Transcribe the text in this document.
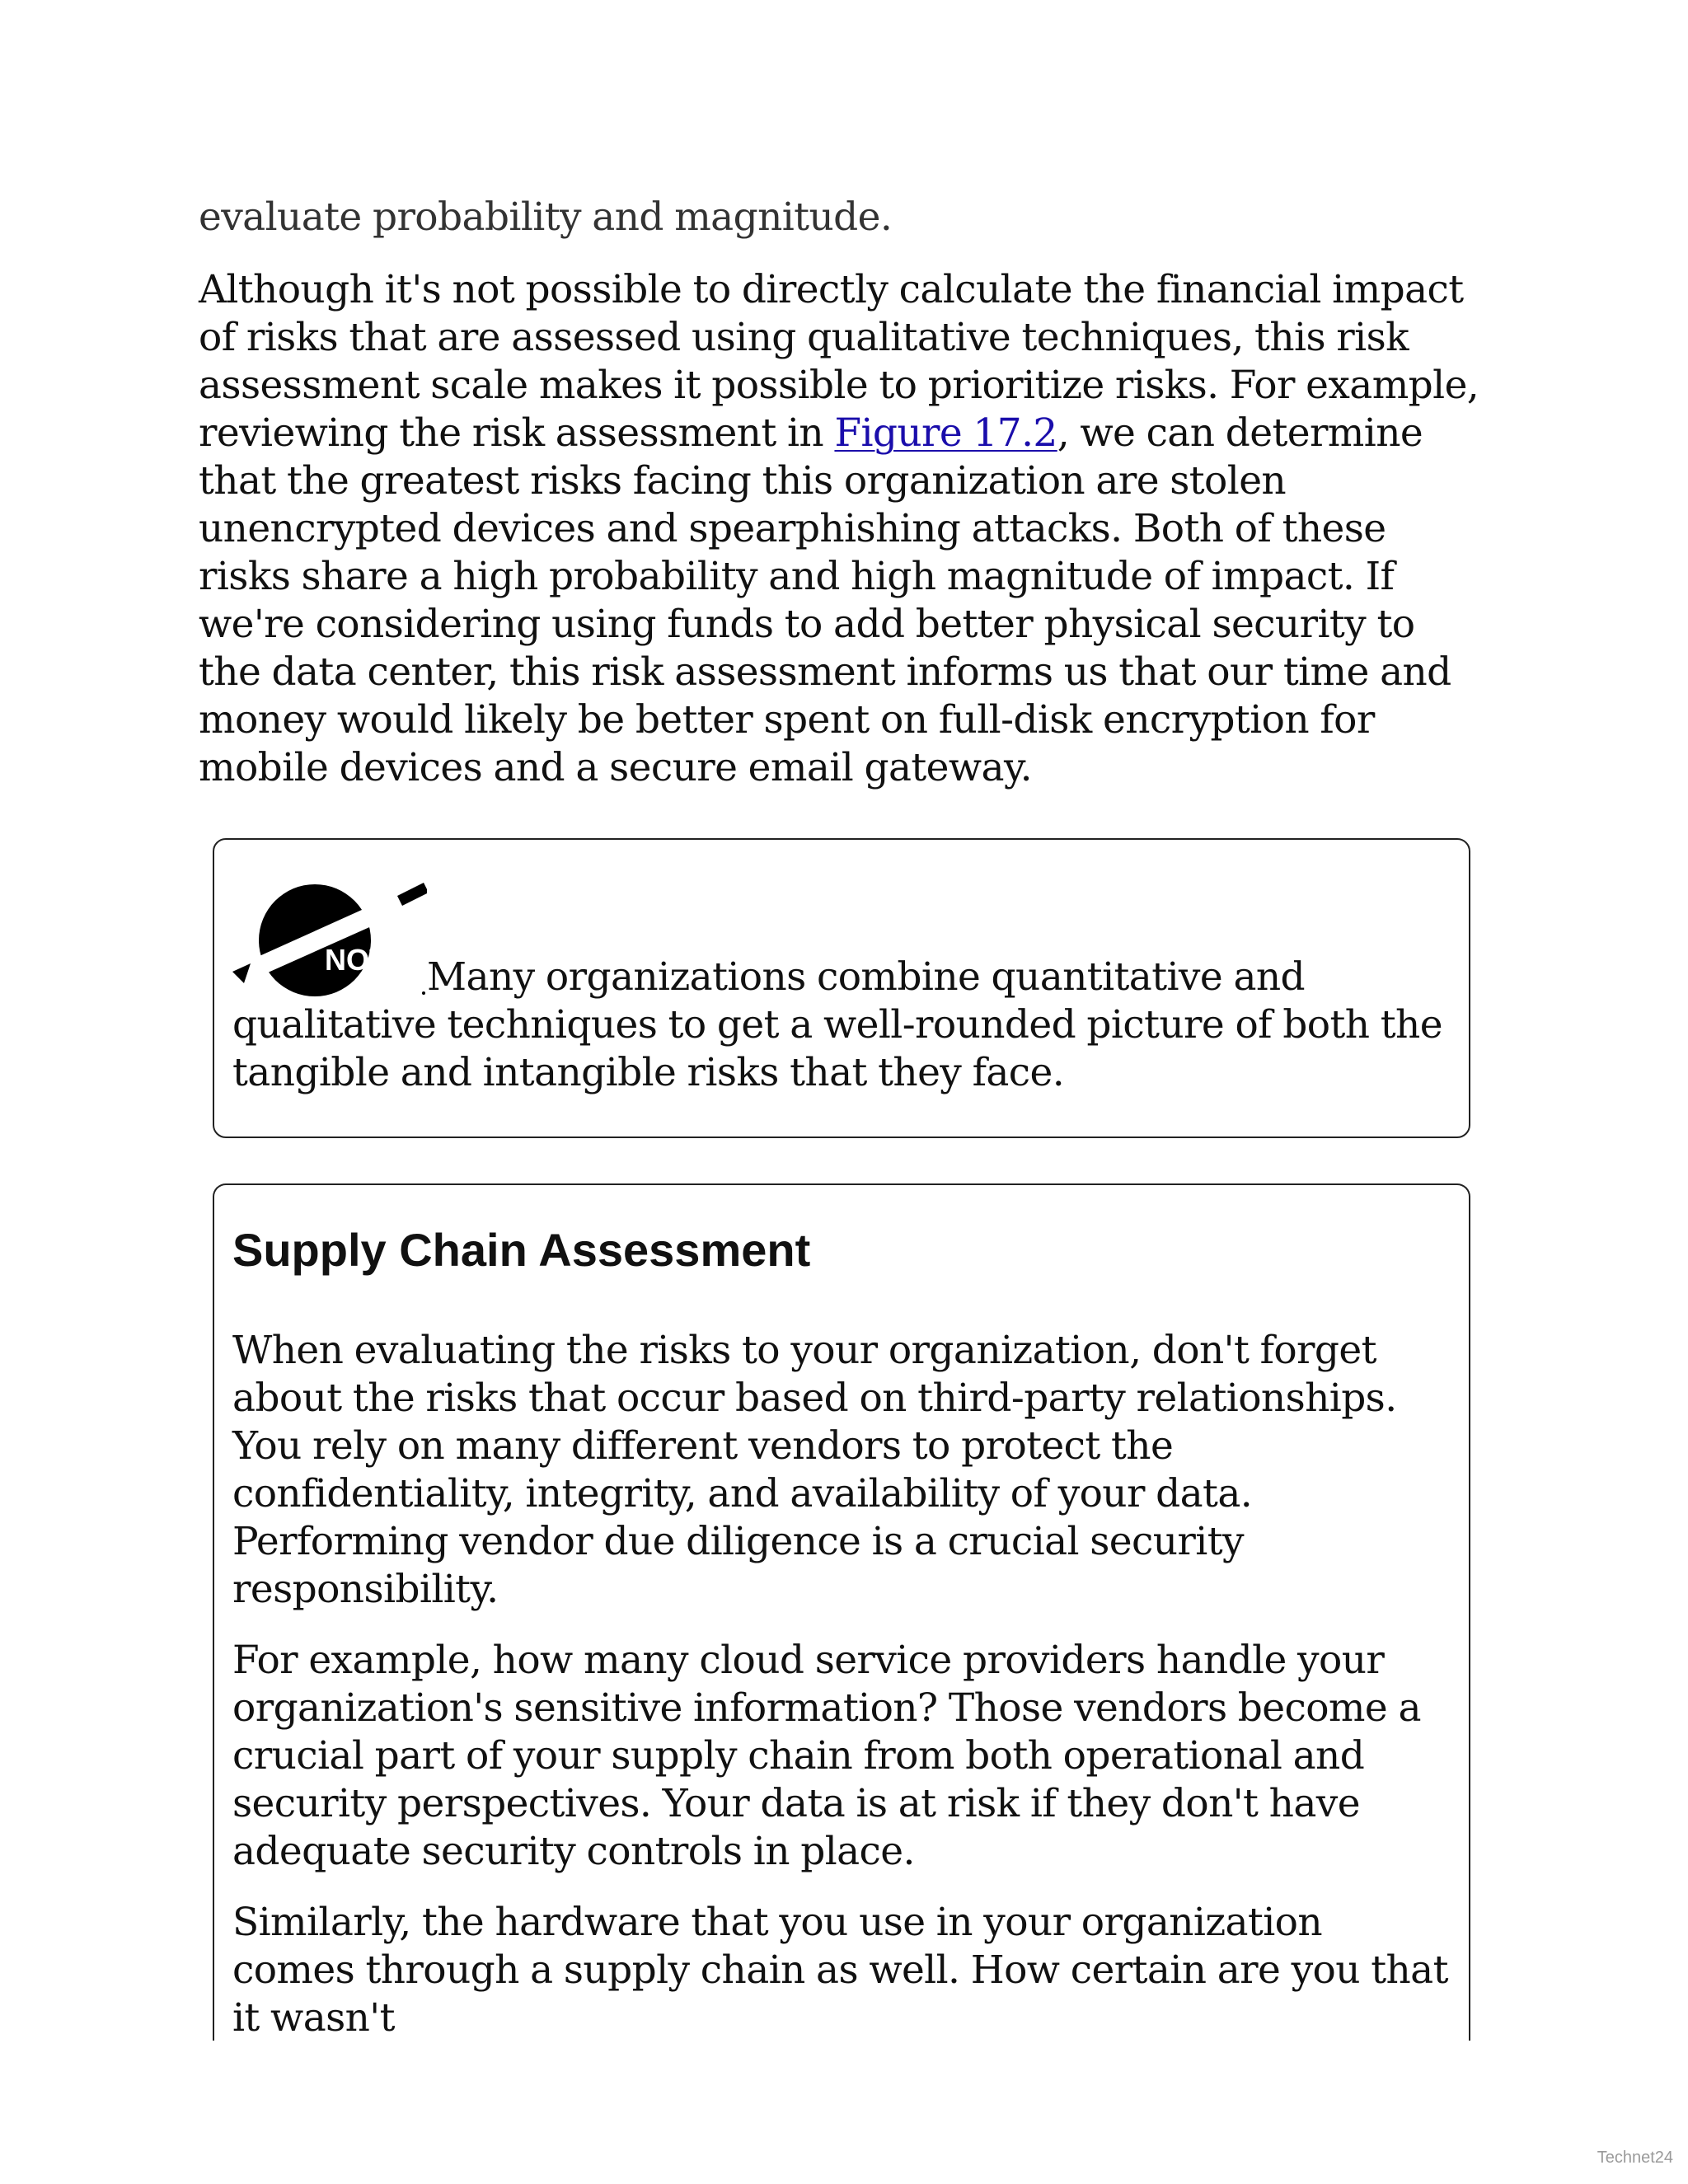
evaluate probability and magnitude.

Although it's not possible to directly calculate the financial impact of risks that are assessed using qualitative techniques, this risk assessment scale makes it possible to prioritize risks. For example, reviewing the risk assessment in Figure 17.2, we can determine that the greatest risks facing this organization are stolen unencrypted devices and spearphishing attacks. Both of these risks share a high probability and high magnitude of impact. If we're considering using funds to add better physical security to the data center, this risk assessment informs us that our time and money would likely be better spent on full-disk encryption for mobile devices and a secure email gateway.

NOTE Many organizations combine quantitative and qualitative techniques to get a well-rounded picture of both the tangible and intangible risks that they face.
Supply Chain Assessment

When evaluating the risks to your organization, don't forget about the risks that occur based on third-party relationships. You rely on many different vendors to protect the confidentiality, integrity, and availability of your data. Performing vendor due diligence is a crucial security responsibility.

For example, how many cloud service providers handle your organization's sensitive information? Those vendors become a crucial part of your supply chain from both operational and security perspectives. Your data is at risk if they don't have adequate security controls in place.

Similarly, the hardware that you use in your organization comes through a supply chain as well. How certain are you that it wasn't

Technet24
